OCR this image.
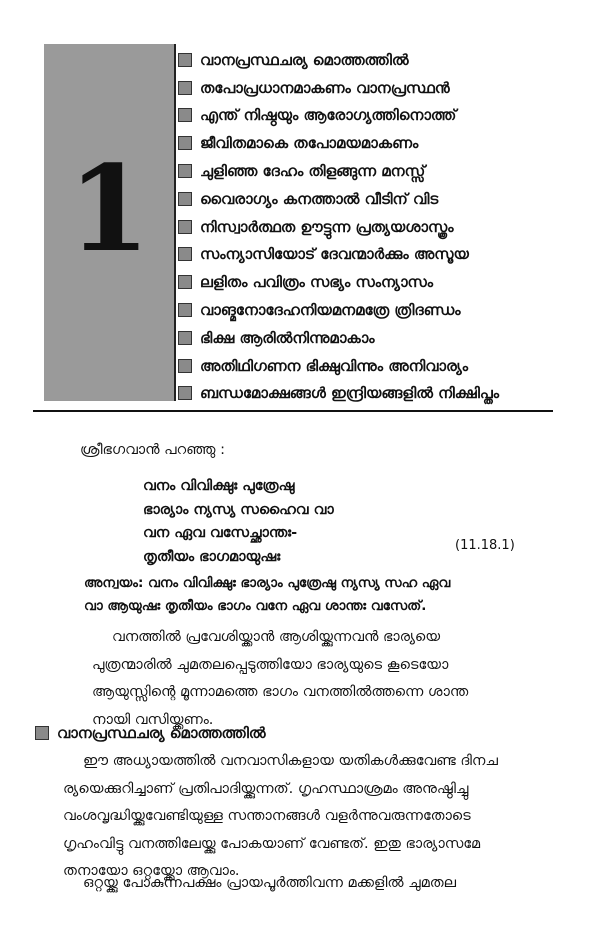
1
വാനപ്രസ്ഥചര്യ മൊത്തത്തിൽ
തപോപ്രധാനമാകണം വാനപ്രസ്ഥൻ
എന്ത് നിഷ്ഠയും ആരോഗ്യത്തിനൊത്ത്
ജീവിതമാകെ തപോമയമാകണം
ചുളിഞ്ഞ ദേഹം തിളങ്ങുന്ന മനസ്സ്
വൈരാഗ്യം കനത്താൽ വീടിന് വിട
നിസ്വാർത്ഥത ഊട്ടുന്ന പ്രത്യയശാസ്ത്രം
സംന്യാസിയോട് ദേവന്മാർക്കും അസൂയ
ലളിതം പവിത്രം സഭ്യം സംന്യാസം
വാങ്മനോദേഹനിയമനമത്രേ ത്രിദണ്ഡം
ഭിക്ഷ ആരിൽനിന്നുമാകാം
അതിഥിഗണന ഭിക്ഷുവിന്നും അനിവാര്യം
ബന്ധമോക്ഷങ്ങൾ ഇന്ദ്രിയങ്ങളിൽ നിക്ഷിപ്തം
ശ്രീഭഗവാൻ പറഞ്ഞു :
വനം വിവിക്ഷുഃ പുത്രേഷു
ഭാര്യാം ന്യസ്യ സഹൈവ വാ
വന ഏവ വസേച്ഛാന്തഃ-
തൃതീയം ഭാഗമായുഷഃ
(11.18.1)
അന്വയം: വനം വിവിക്ഷുഃ ഭാര്യാം പുത്രേഷു ന്യസ്യ സഹ ഏവ
വാ ആയുഷഃ തൃതീയം ഭാഗം വനേ ഏവ ശാന്തഃ വസേത്.
വനത്തിൽ പ്രവേശിയ്ക്കാൻ ആശിയ്ക്കുന്നവൻ ഭാര്യയെ
പുത്രന്മാരിൽ ചുമതലപ്പെടുത്തിയോ ഭാര്യയുടെ കൂടെയോ
ആയുസ്സിന്റെ മൂന്നാമത്തെ ഭാഗം വനത്തിൽത്തന്നെ ശാന്ത
നായി വസിയ്ക്കണം.
വാനപ്രസ്ഥചര്യ മൊത്തത്തിൽ
ഈ അധ്യായത്തിൽ വനവാസികളായ യതികൾക്കുവേണ്ട ദിനച
ര്യയെക്കുറിച്ചാണ് പ്രതിപാദിയ്ക്കുന്നത്. ഗൃഹസ്ഥാശ്രമം അനുഷ്ഠിച്ചു
വംശവൃദ്ധിയ്ക്കുവേണ്ടിയുള്ള സന്താനങ്ങൾ വളർന്നുവരുന്നതോടെ
ഗൃഹംവിട്ടു വനത്തിലേയ്ക്കു പോകയാണ് വേണ്ടത്. ഇതു ഭാര്യാസമേ
തനായോ ഒറ്റയ്ക്കോ ആവാം.
ഒറ്റയ്ക്കു പോകുന്നപക്ഷം പ്രായപൂർത്തിവന്ന മക്കളിൽ ചുമതല
